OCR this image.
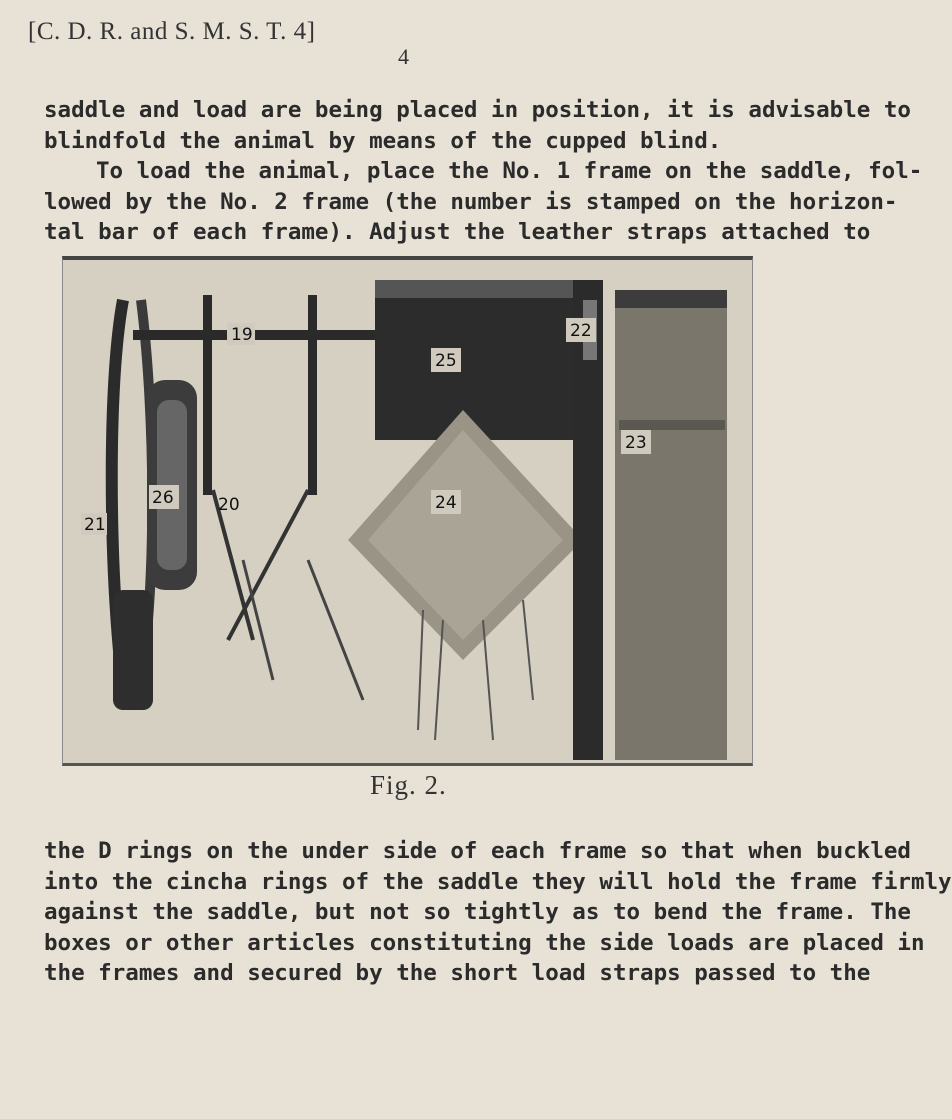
[C. D. R. and S. M. S. T. 4]
4

saddle and load are being placed in position, it is advisable to
blindfold the animal by means of the cupped blind.
To load the animal, place the No. 1 frame on the saddle, fol-
lowed by the No. 2 frame (the number is stamped on the horizon-
tal bar of each frame). Adjust the leather straps attached to

19
20
21
22
23
24
25
26
Fig. 2.

the D rings on the under side of each frame so that when buckled
into the cincha rings of the saddle they will hold the frame firmly
against the saddle, but not so tightly as to bend the frame. The
boxes or other articles constituting the side loads are placed in
the frames and secured by the short load straps passed to the
